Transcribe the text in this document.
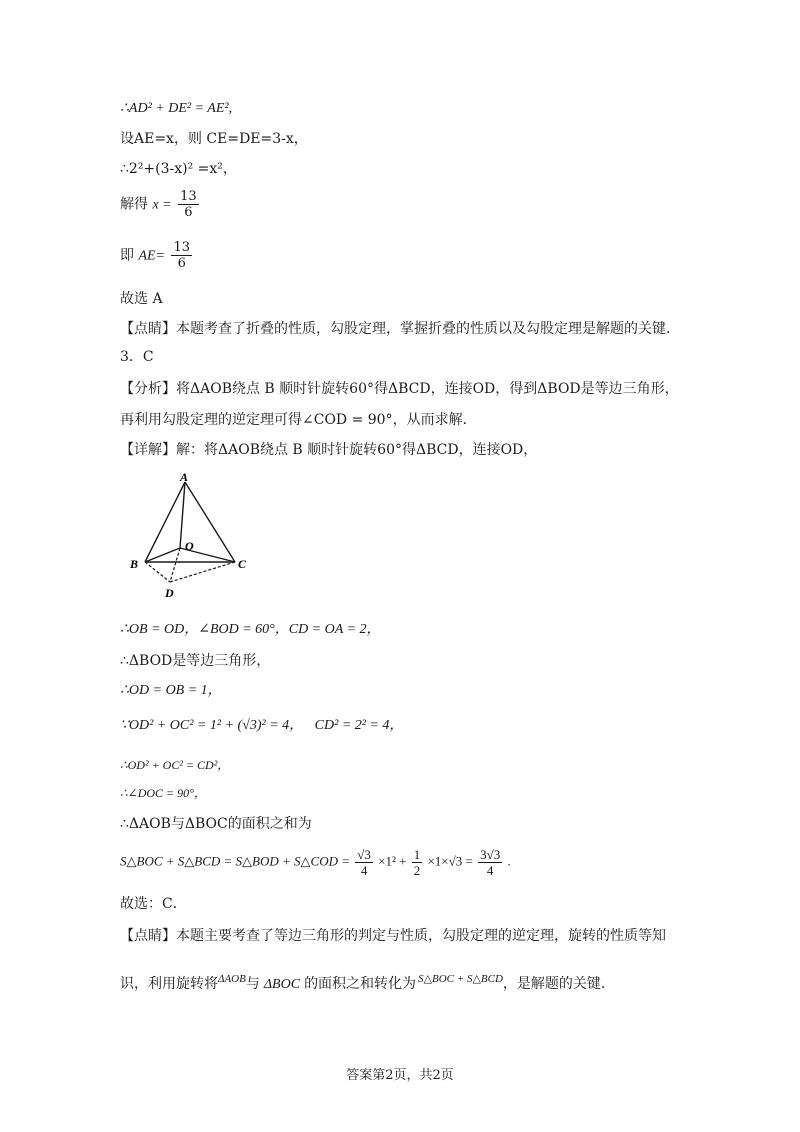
∴AD² + DE² = AE²,
设AE=x，则 CE=DE=3-x，
∴2²+(3-x)² =x²，
解得 $x = \frac{13}{6}$
即 $AE= \frac{13}{6}$
故选 A
【点睛】本题考查了折叠的性质，勾股定理，掌握折叠的性质以及勾股定理是解题的关键．
3．C
【分析】将ΔAOB绕点 B 顺时针旋转60°得ΔBCD，连接OD，得到ΔBOD是等边三角形，
再利用勾股定理的逆定理可得∠COD = 90°，从而求解．
【详解】解：将ΔAOB绕点 B 顺时针旋转60°得ΔBCD，连接OD，
A
B	C
O
D
∴OB = OD，∠BOD = 60°，CD = OA = 2，
∴ΔBOD是等边三角形，
∴OD = OB = 1，
∵OD² + OC² = 1² + (√3)² = 4， CD² = 2² = 4，
∴OD² + OC² = CD²，
∴∠DOC = 90°，
∴ΔAOB与ΔBOC的面积之和为
S△BOC + S△BCD = S△BOD + S△COD = $\frac{√3}{4} \times 1^2 + \frac{1}{2} \times 1\times√3 = \frac{3√3}{4}$ .
故选：C．
【点睛】本题主要考查了等边三角形的判定与性质，勾股定理的逆定理，旋转的性质等知
识，利用旋转将$^{\Delta AOB}$与 ΔBOC 的面积之和转化为 $^{S\triangle BOC + S\triangle BCD}$，是解题的关键．
答案第2页，共2页
